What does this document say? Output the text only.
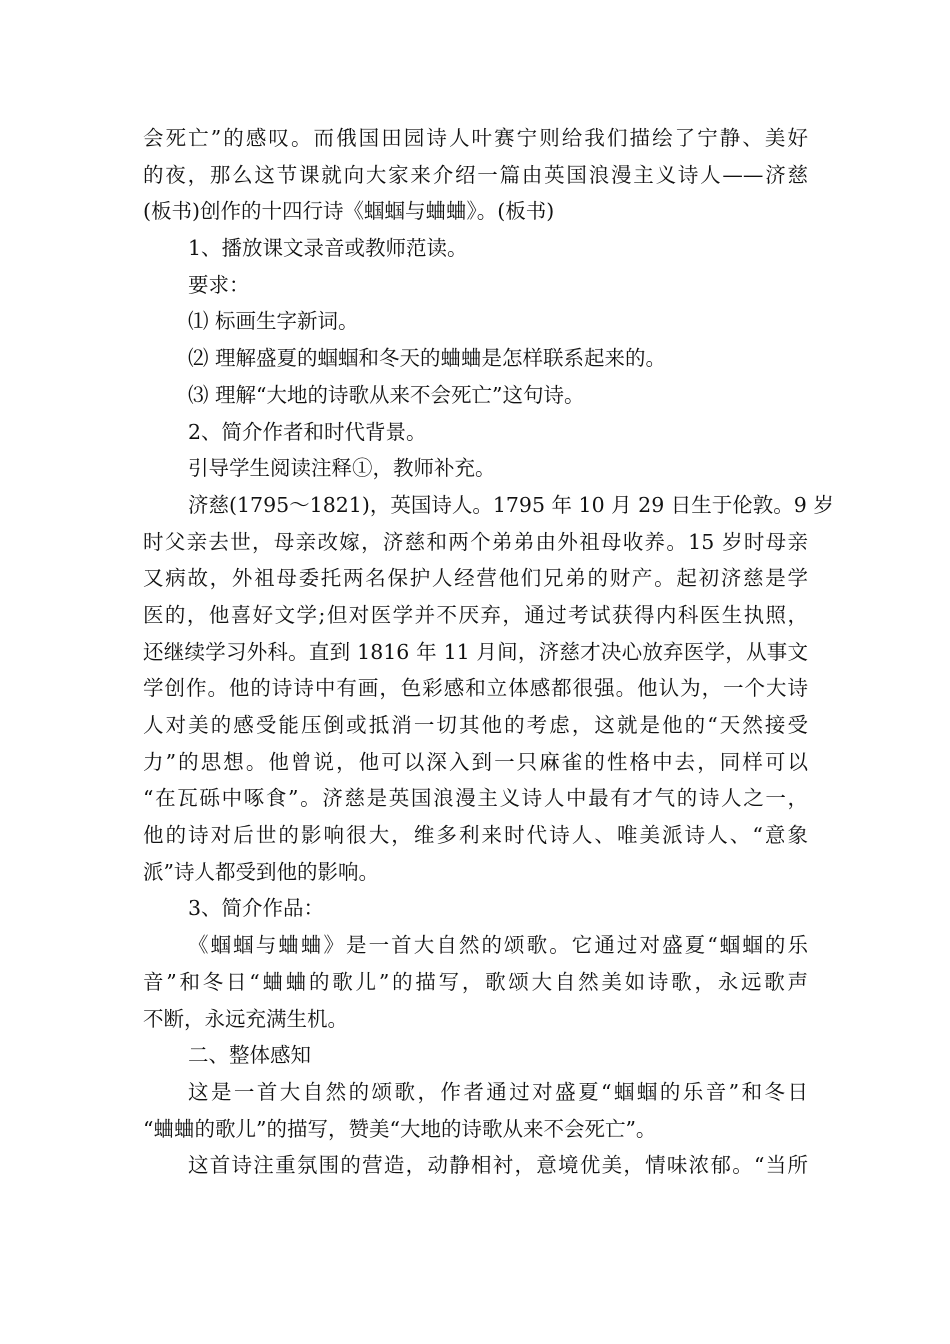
会死亡”的感叹。而俄国田园诗人叶赛宁则给我们描绘了宁静、美好
的夜，那么这节课就向大家来介绍一篇由英国浪漫主义诗人——济慈
(板书)创作的十四行诗《蝈蝈与蛐蛐》。(板书)
1、播放课文录音或教师范读。
要求：
⑴ 标画生字新词。
⑵ 理解盛夏的蝈蝈和冬天的蛐蛐是怎样联系起来的。
⑶ 理解“大地的诗歌从来不会死亡”这句诗。
2、简介作者和时代背景。
引导学生阅读注释①，教师补充。
济慈(1795～1821)，英国诗人。1795 年 10 月 29 日生于伦敦。9 岁
时父亲去世，母亲改嫁，济慈和两个弟弟由外祖母收养。15 岁时母亲
又病故，外祖母委托两名保护人经营他们兄弟的财产。起初济慈是学
医的，他喜好文学;但对医学并不厌弃，通过考试获得内科医生执照，
还继续学习外科。直到 1816 年 11 月间，济慈才决心放弃医学，从事文
学创作。他的诗诗中有画，色彩感和立体感都很强。他认为，一个大诗
人对美的感受能压倒或抵消一切其他的考虑，这就是他的“天然接受
力”的思想。他曾说，他可以深入到一只麻雀的性格中去，同样可以
“在瓦砾中啄食”。济慈是英国浪漫主义诗人中最有才气的诗人之一，
他的诗对后世的影响很大，维多利来时代诗人、唯美派诗人、“意象
派”诗人都受到他的影响。
3、简介作品：
《蝈蝈与蛐蛐》是一首大自然的颂歌。它通过对盛夏“蝈蝈的乐
音”和冬日“蛐蛐的歌儿”的描写，歌颂大自然美如诗歌，永远歌声
不断，永远充满生机。
二、整体感知
这是一首大自然的颂歌，作者通过对盛夏“蝈蝈的乐音”和冬日
“蛐蛐的歌儿”的描写，赞美“大地的诗歌从来不会死亡”。
这首诗注重氛围的营造，动静相衬，意境优美，情味浓郁。“当所
